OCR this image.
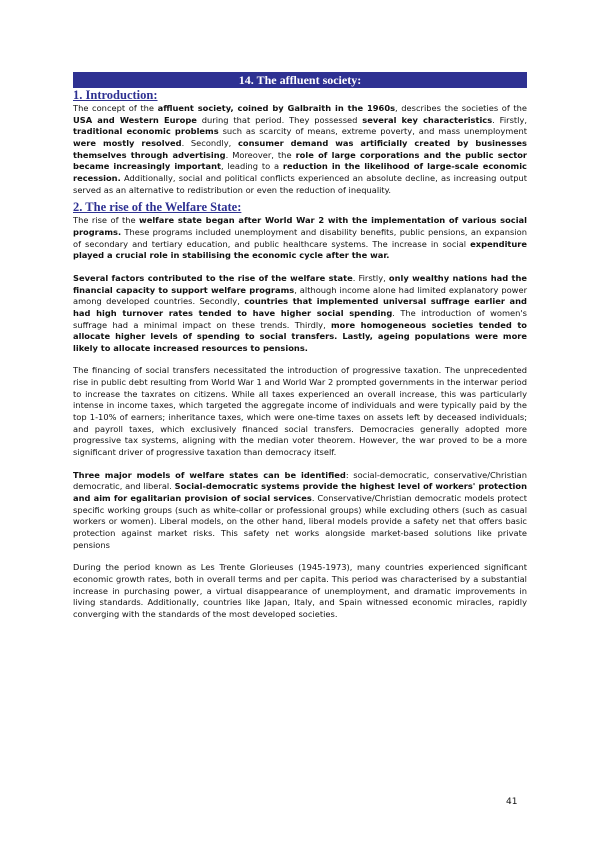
14. The affluent society:
1. Introduction:

The concept of the affluent society, coined by Galbraith in the 1960s, describes the societies of the USA and Western Europe during that period. They possessed several key characteristics. Firstly, traditional economic problems such as scarcity of means, extreme poverty, and mass unemployment were mostly resolved. Secondly, consumer demand was artificially created by businesses themselves through advertising. Moreover, the role of large corporations and the public sector became increasingly important, leading to a reduction in the likelihood of large-scale economic recession. Additionally, social and political conflicts experienced an absolute decline, as increasing output served as an alternative to redistribution or even the reduction of inequality.

2. The rise of the Welfare State:

The rise of the welfare state began after World War 2 with the implementation of various social programs. These programs included unemployment and disability benefits, public pensions, an expansion of secondary and tertiary education, and public healthcare systems. The increase in social expenditure played a crucial role in stabilising the economic cycle after the war.

Several factors contributed to the rise of the welfare state. Firstly, only wealthy nations had the financial capacity to support welfare programs, although income alone had limited explanatory power among developed countries. Secondly, countries that implemented universal suffrage earlier and had high turnover rates tended to have higher social spending. The introduction of women's suffrage had a minimal impact on these trends. Thirdly, more homogeneous societies tended to allocate higher levels of spending to social transfers. Lastly, ageing populations were more likely to allocate increased resources to pensions.

The financing of social transfers necessitated the introduction of progressive taxation. The unprecedented rise in public debt resulting from World War 1 and World War 2 prompted governments in the interwar period to increase the taxrates on citizens. While all taxes experienced an overall increase, this was particularly intense in income taxes, which targeted the aggregate income of individuals and were typically paid by the top 1-10% of earners; inheritance taxes, which were one-time taxes on assets left by deceased individuals; and payroll taxes, which exclusively financed social transfers. Democracies generally adopted more progressive tax systems, aligning with the median voter theorem. However, the war proved to be a more significant driver of progressive taxation than democracy itself.

Three major models of welfare states can be identified: social-democratic, conservative/Christian democratic, and liberal. Social-democratic systems provide the highest level of workers' protection and aim for egalitarian provision of social services. Conservative/Christian democratic models protect specific working groups (such as white-collar or professional groups) while excluding others (such as casual workers or women). Liberal models, on the other hand, liberal models provide a safety net that offers basic protection against market risks. This safety net works alongside market-based solutions like private pensions

During the period known as Les Trente Glorieuses (1945-1973), many countries experienced significant economic growth rates, both in overall terms and per capita. This period was characterised by a substantial increase in purchasing power, a virtual disappearance of unemployment, and dramatic improvements in living standards. Additionally, countries like Japan, Italy, and Spain witnessed economic miracles, rapidly converging with the standards of the most developed societies.

41
